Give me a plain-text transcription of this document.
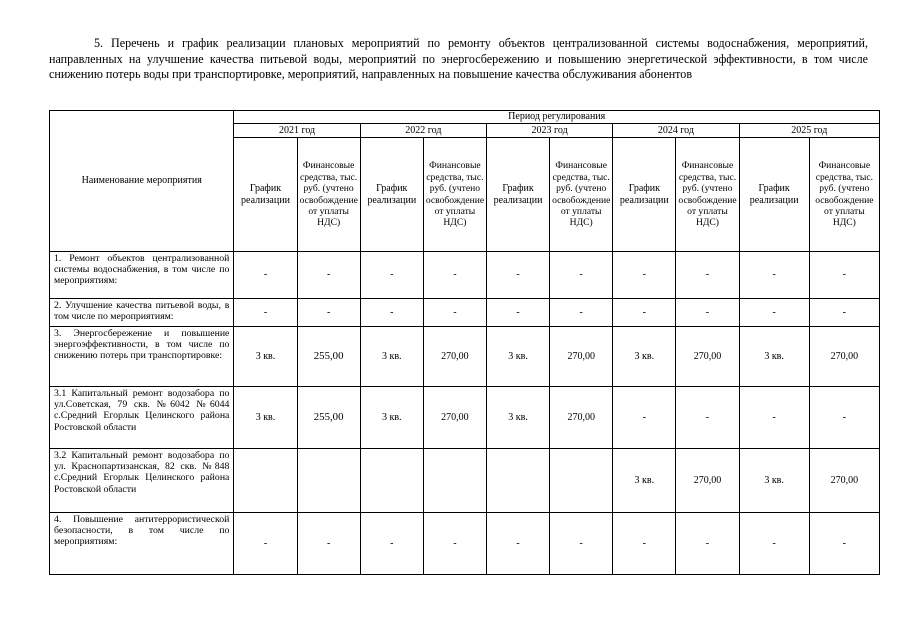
5. Перечень и график реализации плановых мероприятий по ремонту объектов централизованной системы водоснабжения, мероприятий, направленных на улучшение качества питьевой воды, мероприятий по энергосбережению и повышению энергетической эффективности, в том числе снижению потерь воды при транспортировке, мероприятий, направленных на повышение качества обслуживания абонентов

Наименование мероприятия	Период регулирования									
	2021 год		2022 год		2023 год		2024 год		2025 год	
	График реализации	Финансовые средства, тыс. руб. (учтено освобождение от уплаты НДС)	График реализации	Финансовые средства, тыс. руб. (учтено освобождение от уплаты НДС)	График реализации	Финансовые средства, тыс. руб. (учтено освобождение от уплаты НДС)	График реализации	Финансовые средства, тыс. руб. (учтено освобождение от уплаты НДС)	График реализации	Финансовые средства, тыс. руб. (учтено освобождение от уплаты НДС)

1. Ремонт объектов централизованной системы водоснабжения, в том числе по мероприятиям:	-	-	-	-	-	-	-	-	-	-

2. Улучшение качества питьевой воды, в том числе по мероприятиям:	-	-	-	-	-	-	-	-	-	-

3. Энергосбережение и повышение энергоэффективности, в том числе по снижению потерь при транспортировке:	3 кв.	255,00	3 кв.	270,00	3 кв.	270,00	3 кв.	270,00	3 кв.	270,00

3.1 Капитальный ремонт водозабора по ул.Советская, 79 скв. №6042 №6044 с.Средний Егорлык Целинского района Ростовской области	3 кв.	255,00	3 кв.	270,00	3 кв.	270,00	-	-	-	-

3.2 Капитальный ремонт водозабора по ул. Краснопартизанская, 82 скв. №848 с.Средний Егорлык Целинского района Ростовской области							3 кв.	270,00	3 кв.	270,00

4. Повышение антитеррористической безопасности, в том числе по мероприятиям:	-	-	-	-	-	-	-	-	-	-
